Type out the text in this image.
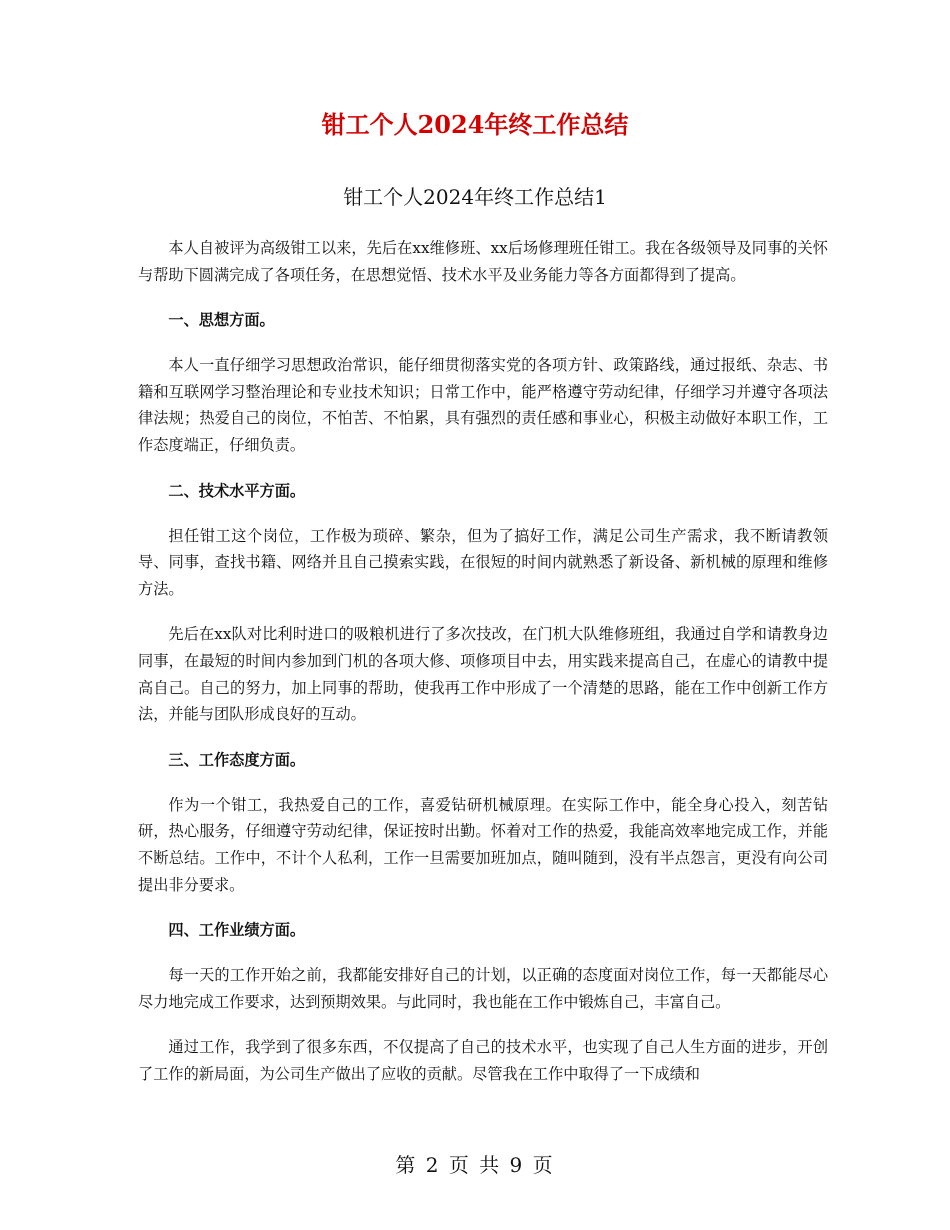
钳工个人2024年终工作总结
钳工个人2024年终工作总结1

本人自被评为高级钳工以来，先后在xx维修班、xx后场修理班任钳工。我在各级领导及同事的关怀与帮助下圆满完成了各项任务，在思想觉悟、技术水平及业务能力等各方面都得到了提高。

一、思想方面。

本人一直仔细学习思想政治常识，能仔细贯彻落实党的各项方针、政策路线，通过报纸、杂志、书籍和互联网学习整治理论和专业技术知识；日常工作中，能严格遵守劳动纪律，仔细学习并遵守各项法律法规；热爱自己的岗位，不怕苦、不怕累，具有强烈的责任感和事业心，积极主动做好本职工作，工作态度端正，仔细负责。

二、技术水平方面。

担任钳工这个岗位，工作极为琐碎、繁杂，但为了搞好工作，满足公司生产需求，我不断请教领导、同事，查找书籍、网络并且自己摸索实践，在很短的时间内就熟悉了新设备、新机械的原理和维修方法。

先后在xx队对比利时进口的吸粮机进行了多次技改，在门机大队维修班组，我通过自学和请教身边同事，在最短的时间内参加到门机的各项大修、项修项目中去，用实践来提高自己，在虚心的请教中提高自己。自己的努力，加上同事的帮助，使我再工作中形成了一个清楚的思路，能在工作中创新工作方法，并能与团队形成良好的互动。

三、工作态度方面。

作为一个钳工，我热爱自己的工作，喜爱钻研机械原理。在实际工作中，能全身心投入，刻苦钻研，热心服务，仔细遵守劳动纪律，保证按时出勤。怀着对工作的热爱，我能高效率地完成工作，并能不断总结。工作中，不计个人私利，工作一旦需要加班加点，随叫随到，没有半点怨言，更没有向公司提出非分要求。

四、工作业绩方面。

每一天的工作开始之前，我都能安排好自己的计划，以正确的态度面对岗位工作，每一天都能尽心尽力地完成工作要求，达到预期效果。与此同时，我也能在工作中锻炼自己，丰富自己。

通过工作，我学到了很多东西，不仅提高了自己的技术水平，也实现了自己人生方面的进步，开创了工作的新局面，为公司生产做出了应收的贡献。尽管我在工作中取得了一下成绩和

第 2 页 共 9 页
